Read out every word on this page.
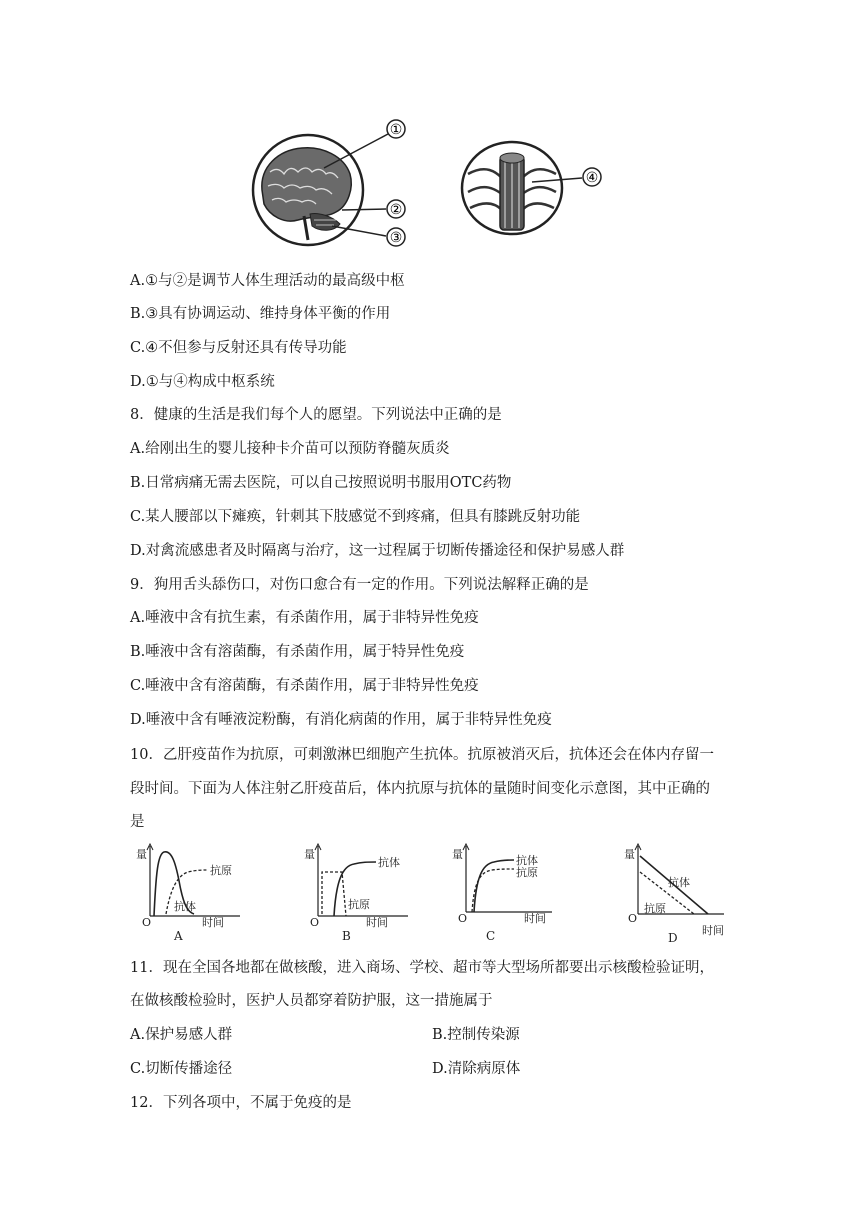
①
②
③
④
A.①与②是调节人体生理活动的最高级中枢
B.③具有协调运动、维持身体平衡的作用
C.④不但参与反射还具有传导功能
D.①与④构成中枢系统
8．健康的生活是我们每个人的愿望。下列说法中正确的是
A.给刚出生的婴儿接种卡介苗可以预防脊髓灰质炎
B.日常病痛无需去医院，可以自己按照说明书服用OTC药物
C.某人腰部以下瘫痪，针刺其下肢感觉不到疼痛，但具有膝跳反射功能
D.对禽流感患者及时隔离与治疗，这一过程属于切断传播途径和保护易感人群
9．狗用舌头舔伤口，对伤口愈合有一定的作用。下列说法解释正确的是
A.唾液中含有抗生素，有杀菌作用，属于非特异性免疫
B.唾液中含有溶菌酶，有杀菌作用，属于特异性免疫
C.唾液中含有溶菌酶，有杀菌作用，属于非特异性免疫
D.唾液中含有唾液淀粉酶，有消化病菌的作用，属于非特异性免疫
10．乙肝疫苗作为抗原，可刺激淋巴细胞产生抗体。抗原被消灭后，抗体还会在体内存留一
段时间。下面为人体注射乙肝疫苗后，体内抗原与抗体的量随时间变化示意图，其中正确的
是
量
O	时间
抗原
抗体
A
量
O	时间
抗体
抗原
B
量
O	时间
抗体
抗原
C
量
O
时间
抗体
抗原
D
11．现在全国各地都在做核酸，进入商场、学校、超市等大型场所都要出示核酸检验证明，
在做核酸检验时，医护人员都穿着防护服，这一措施属于
A.保护易感人群	B.控制传染源
C.切断传播途径	D.清除病原体
12．下列各项中，不属于免疫的是
